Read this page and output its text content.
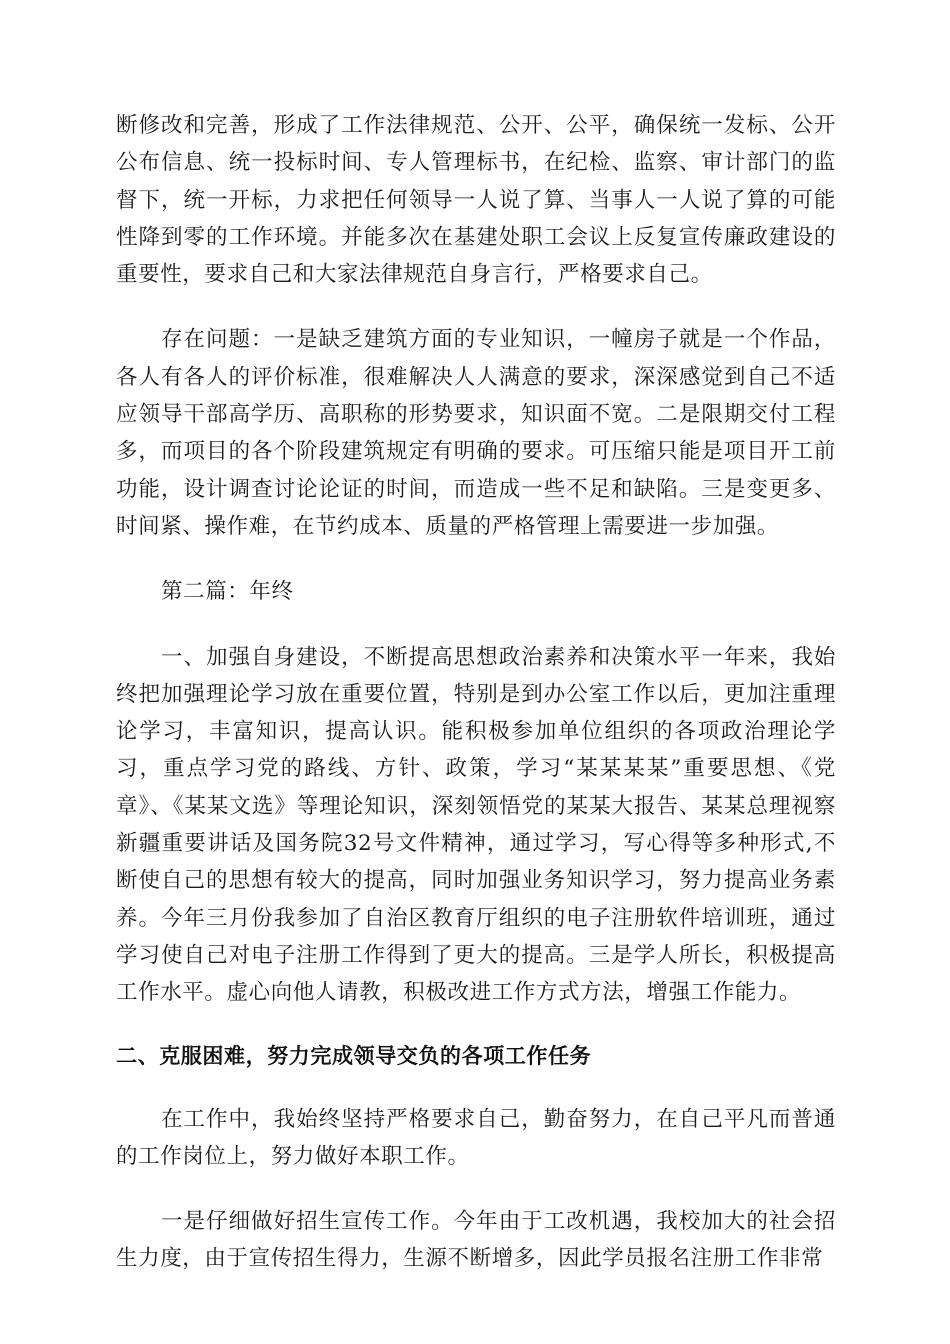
断修改和完善，形成了工作法律规范、公开、公平，确保统一发标、公开公布信息、统一投标时间、专人管理标书，在纪检、监察、审计部门的监督下，统一开标，力求把任何领导一人说了算、当事人一人说了算的可能性降到零的工作环境。并能多次在基建处职工会议上反复宣传廉政建设的重要性，要求自己和大家法律规范自身言行，严格要求自己。

存在问题：一是缺乏建筑方面的专业知识，一幢房子就是一个作品，各人有各人的评价标准，很难解决人人满意的要求，深深感觉到自己不适应领导干部高学历、高职称的形势要求，知识面不宽。二是限期交付工程多，而项目的各个阶段建筑规定有明确的要求。可压缩只能是项目开工前功能，设计调查讨论论证的时间，而造成一些不足和缺陷。三是变更多、时间紧、操作难，在节约成本、质量的严格管理上需要进一步加强。

第二篇：年终

一、加强自身建设，不断提高思想政治素养和决策水平一年来，我始终把加强理论学习放在重要位置，特别是到办公室工作以后，更加注重理论学习，丰富知识，提高认识。能积极参加单位组织的各项政治理论学习，重点学习党的路线、方针、政策，学习“某某某某”重要思想、《党章》、《某某文选》等理论知识，深刻领悟党的某某大报告、某某总理视察新疆重要讲话及国务院32号文件精神，通过学习，写心得等多种形式,不断使自己的思想有较大的提高，同时加强业务知识学习，努力提高业务素养。今年三月份我参加了自治区教育厅组织的电子注册软件培训班，通过学习使自己对电子注册工作得到了更大的提高。三是学人所长，积极提高工作水平。虚心向他人请教，积极改进工作方式方法，增强工作能力。

二、克服困难，努力完成领导交负的各项工作任务

在工作中，我始终坚持严格要求自己，勤奋努力，在自己平凡而普通的工作岗位上，努力做好本职工作。

一是仔细做好招生宣传工作。今年由于工改机遇，我校加大的社会招生力度，由于宣传招生得力，生源不断增多，因此学员报名注册工作非常
